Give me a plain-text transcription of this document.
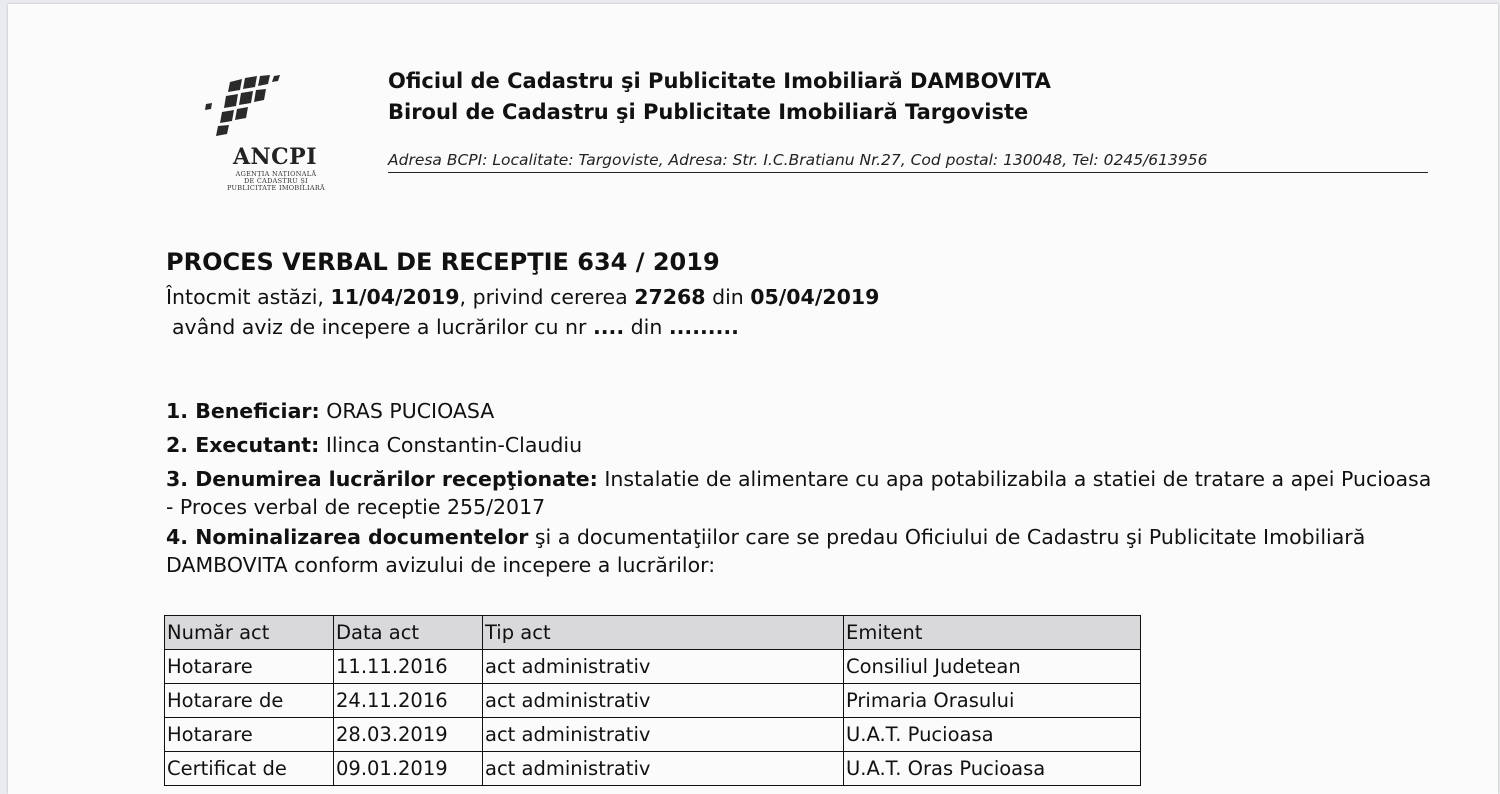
ANCPI
AGENȚIA NAȚIONALĂ
DE CADASTRU ȘI
PUBLICITATE IMOBILIARĂ
Oficiul de Cadastru şi Publicitate Imobiliară DAMBOVITA
Biroul de Cadastru şi Publicitate Imobiliară Targoviste
Adresa BCPI: Localitate: Targoviste, Adresa: Str. I.C.Bratianu Nr.27, Cod postal: 130048, Tel: 0245/613956
PROCES VERBAL DE RECEPŢIE 634 / 2019
Întocmit astăzi, 11/04/2019, privind cererea 27268 din 05/04/2019
având aviz de incepere a lucrărilor cu nr .... din .........
1. Beneficiar: ORAS PUCIOASA
2. Executant: Ilinca Constantin-Claudiu
3. Denumirea lucrărilor recepţionate: Instalatie de alimentare cu apa potabilizabila a statiei de tratare a apei Pucioasa - Proces verbal de receptie 255/2017
4. Nominalizarea documentelor şi a documentaţiilor care se predau Oficiului de Cadastru şi Publicitate Imobiliară DAMBOVITA conform avizului de incepere a lucrărilor:
Număr act	Data act	Tip act	Emitent
Hotarare	11.11.2016	act administrativ	Consiliul Judetean
Hotarare de	24.11.2016	act administrativ	Primaria Orasului
Hotarare	28.03.2019	act administrativ	U.A.T. Pucioasa
Certificat de	09.01.2019	act administrativ	U.A.T. Oras Pucioasa
